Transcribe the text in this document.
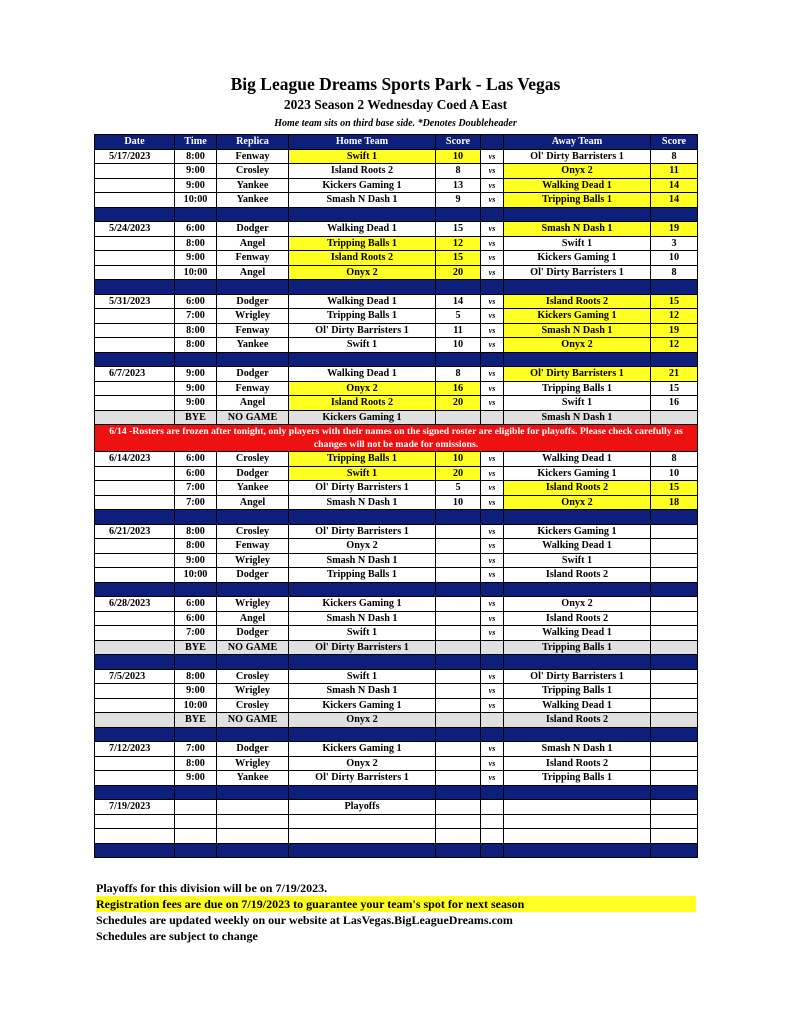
Big League Dreams Sports Park - Las Vegas
2023 Season 2 Wednesday Coed A East
Home team sits on third base side. *Denotes Doubleheader
Date	Time	Replica	Home Team	Score		Away Team	Score
5/17/2023	8:00	Fenway	Swift 1	10	vs	Ol' Dirty Barristers 1	8
	9:00	Crosley	Island Roots 2	8	vs	Onyx 2	11
	9:00	Yankee	Kickers Gaming 1	13	vs	Walking Dead 1	14
	10:00	Yankee	Smash N Dash 1	9	vs	Tripping Balls 1	14

5/24/2023	6:00	Dodger	Walking Dead 1	15	vs	Smash N Dash 1	19
	8:00	Angel	Tripping Balls 1	12	vs	Swift 1	3
	9:00	Fenway	Island Roots 2	15	vs	Kickers Gaming 1	10
	10:00	Angel	Onyx 2	20	vs	Ol' Dirty Barristers 1	8

5/31/2023	6:00	Dodger	Walking Dead 1	14	vs	Island Roots 2	15
	7:00	Wrigley	Tripping Balls 1	5	vs	Kickers Gaming 1	12
	8:00	Fenway	Ol' Dirty Barristers 1	11	vs	Smash N Dash 1	19
	8:00	Yankee	Swift 1	10	vs	Onyx 2	12

6/7/2023	9:00	Dodger	Walking Dead 1	8	vs	Ol' Dirty Barristers 1	21
	9:00	Fenway	Onyx 2	16	vs	Tripping Balls 1	15
	9:00	Angel	Island Roots 2	20	vs	Swift 1	16
	BYE	NO GAME	Kickers Gaming 1			Smash N Dash 1	
6/14 -Rosters are frozen after tonight, only players with their names on the signed roster are eligible for playoffs. Please check carefully as changes will not be made for omissions.							
6/14/2023	6:00	Crosley	Tripping Balls 1	10	vs	Walking Dead 1	8
	6:00	Dodger	Swift 1	20	vs	Kickers Gaming 1	10
	7:00	Yankee	Ol' Dirty Barristers 1	5	vs	Island Roots 2	15
	7:00	Angel	Smash N Dash 1	10	vs	Onyx 2	18

6/21/2023	8:00	Crosley	Ol' Dirty Barristers 1		vs	Kickers Gaming 1	
	8:00	Fenway	Onyx 2		vs	Walking Dead 1	
	9:00	Wrigley	Smash N Dash 1		vs	Swift 1	
	10:00	Dodger	Tripping Balls 1		vs	Island Roots 2	

6/28/2023	6:00	Wrigley	Kickers Gaming 1		vs	Onyx 2	
	6:00	Angel	Smash N Dash 1		vs	Island Roots 2	
	7:00	Dodger	Swift 1		vs	Walking Dead 1	
	BYE	NO GAME	Ol' Dirty Barristers 1			Tripping Balls 1	

7/5/2023	8:00	Crosley	Swift 1		vs	Ol' Dirty Barristers 1	
	9:00	Wrigley	Smash N Dash 1		vs	Tripping Balls 1	
	10:00	Crosley	Kickers Gaming 1		vs	Walking Dead 1	
	BYE	NO GAME	Onyx 2			Island Roots 2	

7/12/2023	7:00	Dodger	Kickers Gaming 1		vs	Smash N Dash 1	
	8:00	Wrigley	Onyx 2		vs	Island Roots 2	
	9:00	Yankee	Ol' Dirty Barristers 1		vs	Tripping Balls 1	

7/19/2023			Playoffs				

Playoffs for this division will be on 7/19/2023.
Registration fees are due on 7/19/2023 to guarantee your team's spot for next season
Schedules are updated weekly on our website at LasVegas.BigLeagueDreams.com
Schedules are subject to change
